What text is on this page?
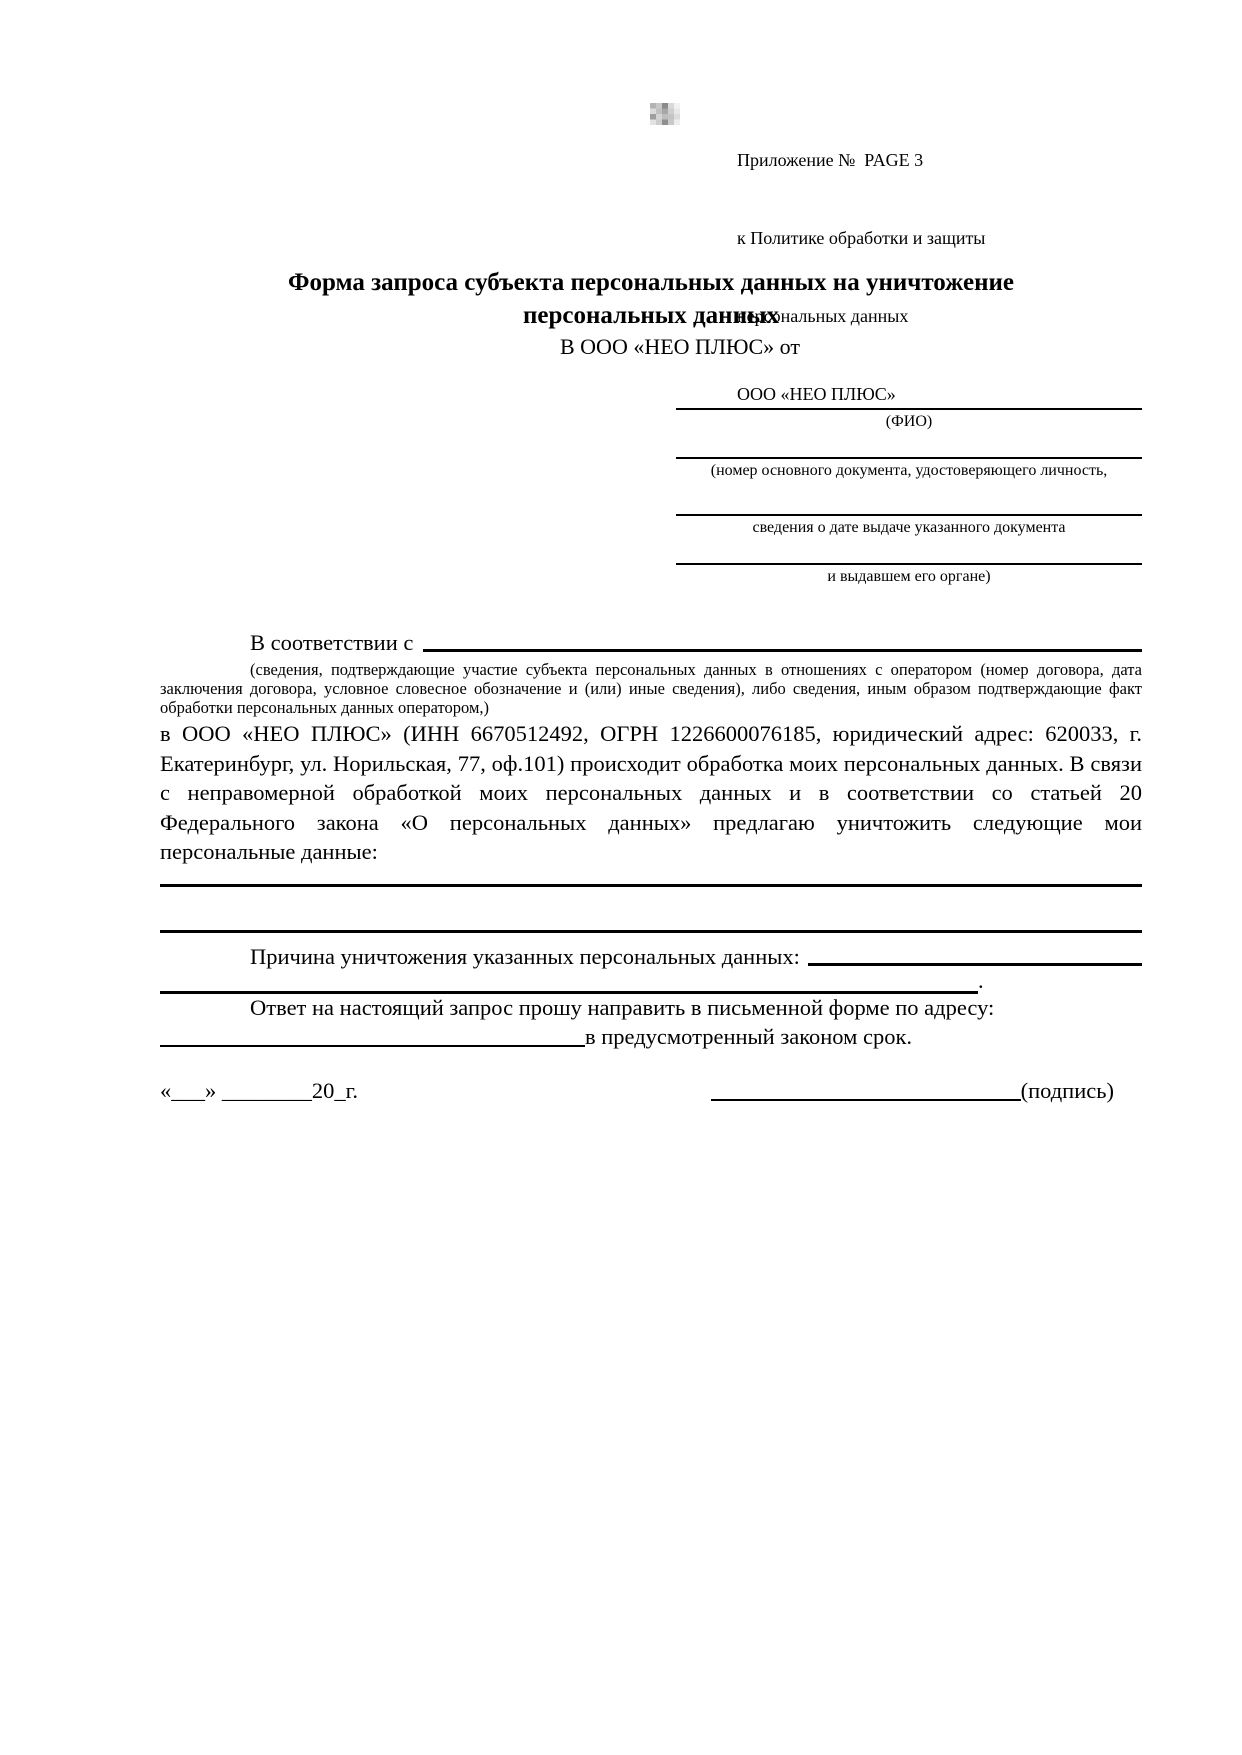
Приложение №  PAGE 3

к Политике обработки и защиты

персональных данных

ООО «НЕО ПЛЮС»

Форма запроса субъекта персональных данных на уничтожение
персональных данных
В ООО «НЕО ПЛЮС» от
(ФИО)
(номер основного документа, удостоверяющего личность,
сведения о дате выдаче указанного документа
и выдавшем его органе)
В соответствии с
(сведения, подтверждающие участие субъекта персональных данных в отношениях с оператором (номер договора, дата заключения договора, условное словесное обозначение и (или) иные сведения), либо сведения, иным образом подтверждающие факт обработки персональных данных оператором,)
в ООО «НЕО ПЛЮС» (ИНН 6670512492, ОГРН 1226600076185, юридический адрес: 620033, г. Екатеринбург, ул. Норильская, 77, оф.101) происходит обработка моих персональных данных. В связи с неправомерной обработкой моих персональных данных и в соответствии со статьей 20 Федерального закона «О персональных данных» предлагаю уничтожить следующие мои персональные данные:
Причина уничтожения указанных персональных данных:
.
Ответ на настоящий запрос прошу направить в письменной форме по адресу:
в предусмотренный законом срок.
«___» ________20_г.	(подпись)
